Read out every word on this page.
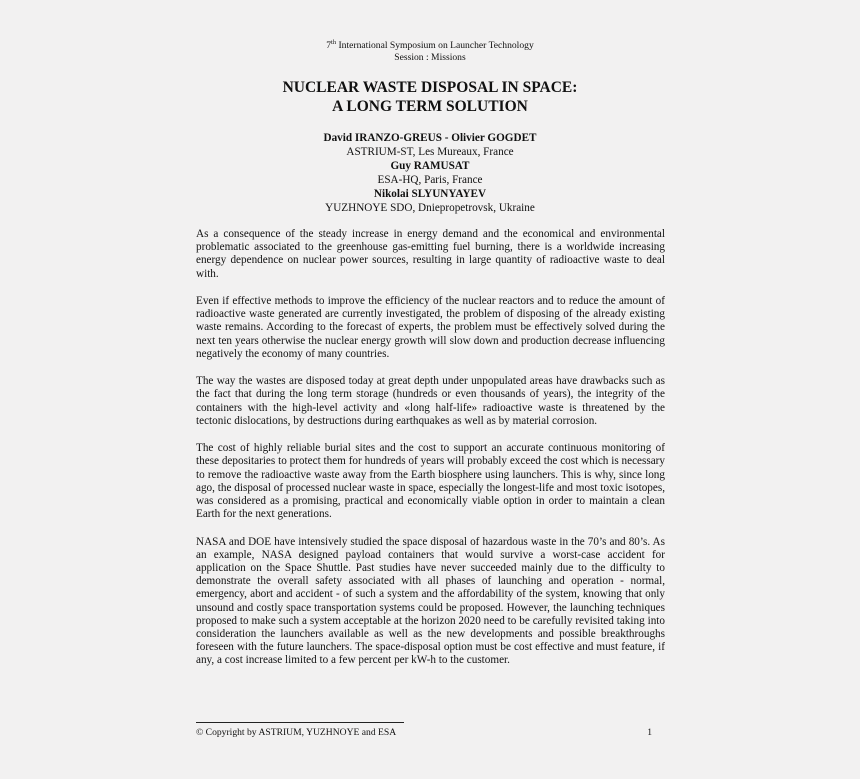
7th International Symposium on Launcher Technology
Session : Missions
NUCLEAR WASTE DISPOSAL IN SPACE:
A LONG TERM SOLUTION
David IRANZO-GREUS - Olivier GOGDET
ASTRIUM-ST, Les Mureaux, France
Guy RAMUSAT
ESA-HQ, Paris, France
Nikolai SLYUNYAYEV
YUZHNOYE SDO, Dniepropetrovsk, Ukraine

As a consequence of the steady increase in energy demand and the economical and environmental problematic associated to the greenhouse gas-emitting fuel burning, there is a worldwide increasing energy dependence on nuclear power sources, resulting in large quantity of radioactive waste to deal with.

Even if effective methods to improve the efficiency of the nuclear reactors and to reduce the amount of radioactive waste generated are currently investigated, the problem of disposing of the already existing waste remains. According to the forecast of experts, the problem must be effectively solved during the next ten years otherwise the nuclear energy growth will slow down and production decrease influencing negatively the economy of many countries.

The way the wastes are disposed today at great depth under unpopulated areas have drawbacks such as the fact that during the long term storage (hundreds or even thousands of years), the integrity of the containers with the high-level activity and «long half-life» radioactive waste is threatened by the tectonic dislocations, by destructions during earthquakes as well as by material corrosion.

The cost of highly reliable burial sites and the cost to support an accurate continuous monitoring of these depositaries to protect them for hundreds of years will probably exceed the cost which is necessary to remove the radioactive waste away from the Earth biosphere using launchers. This is why, since long ago, the disposal of processed nuclear waste in space, especially the longest-life and most toxic isotopes, was considered as a promising, practical and economically viable option in order to maintain a clean Earth for the next generations.

NASA and DOE have intensively studied the space disposal of hazardous waste in the 70’s and 80’s. As an example, NASA designed payload containers that would survive a worst-case accident for application on the Space Shuttle. Past studies have never succeeded mainly due to the difficulty to demonstrate the overall safety associated with all phases of launching and operation - normal, emergency, abort and accident - of such a system and the affordability of the system, knowing that only unsound and costly space transportation systems could be proposed. However, the launching techniques proposed to make such a system acceptable at the horizon 2020 need to be carefully revisited taking into consideration the launchers available as well as the new developments and possible breakthroughs foreseen with the future launchers. The space-disposal option must be cost effective and must feature, if any, a cost increase limited to a few percent per kW-h to the customer.

© Copyright by ASTRIUM, YUZHNOYE and ESA	1
